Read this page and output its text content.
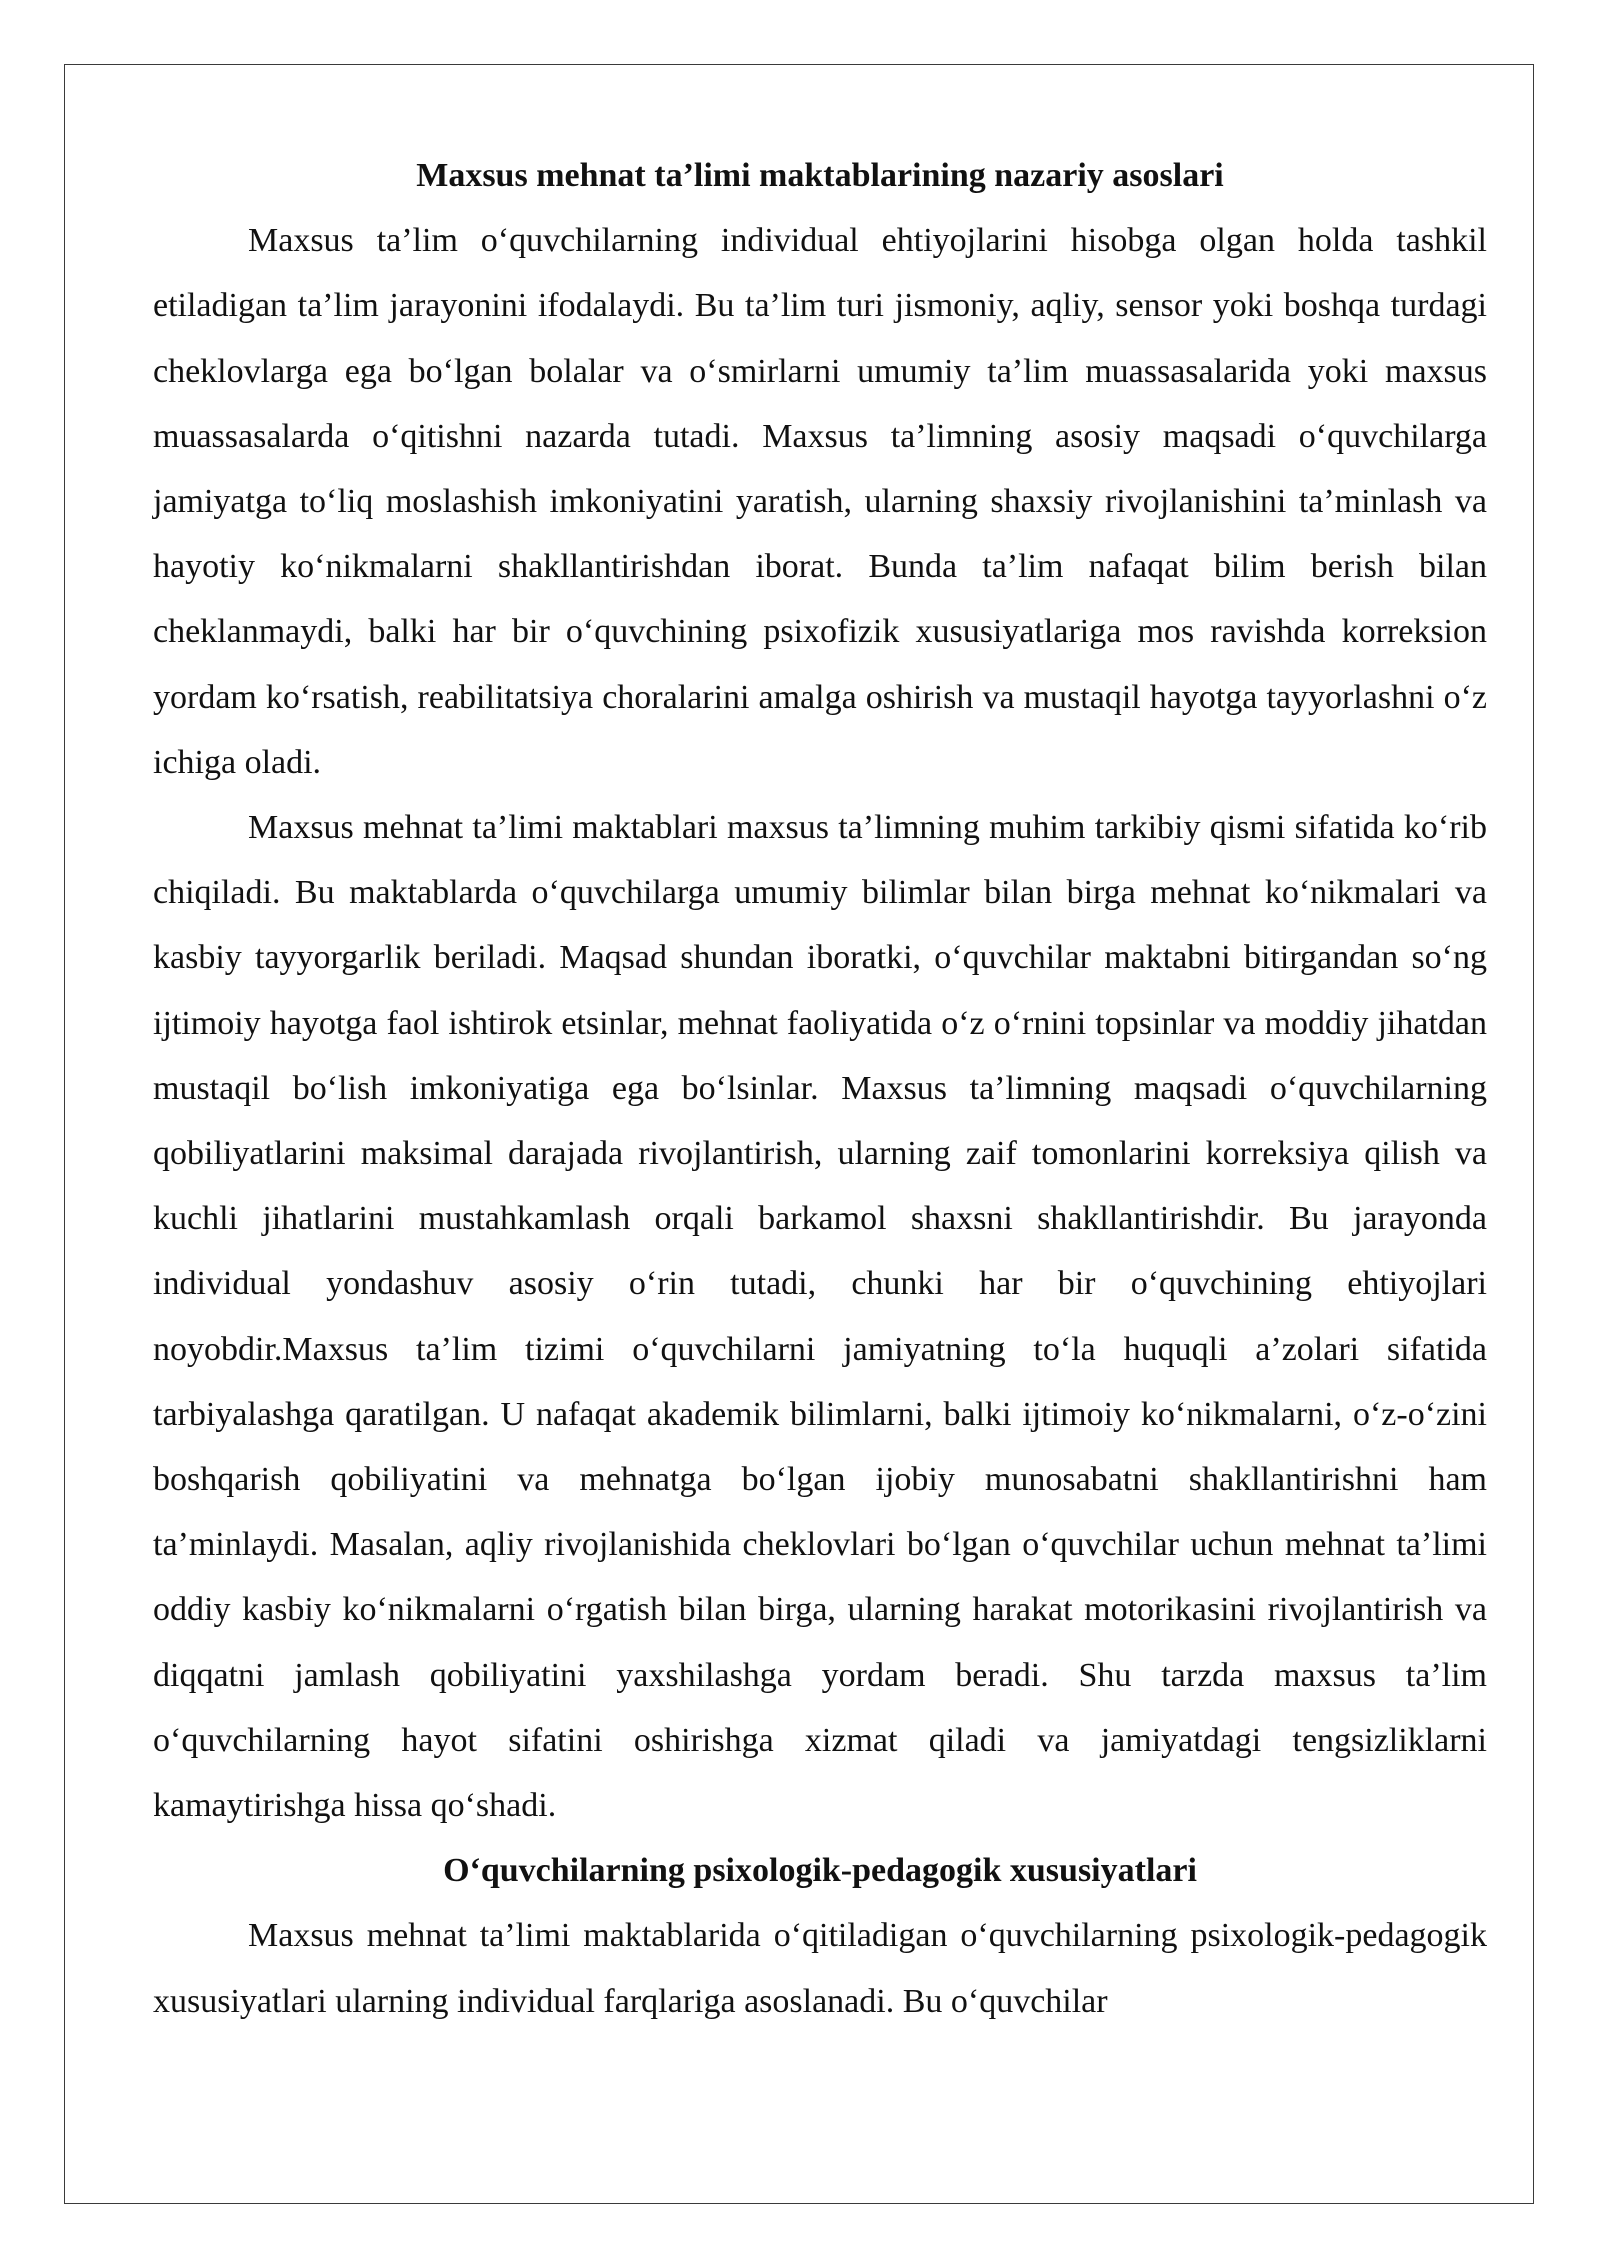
Maxsus mehnat ta’limi maktablarining nazariy asoslari

Maxsus ta’lim o‘quvchilarning individual ehtiyojlarini hisobga olgan holda tashkil etiladigan ta’lim jarayonini ifodalaydi. Bu ta’lim turi jismoniy, aqliy, sensor yoki boshqa turdagi cheklovlarga ega bo‘lgan bolalar va o‘smirlarni umumiy ta’lim muassasalarida yoki maxsus muassasalarda o‘qitishni nazarda tutadi. Maxsus ta’limning asosiy maqsadi o‘quvchilarga jamiyatga to‘liq moslashish imkoniyatini yaratish, ularning shaxsiy rivojlanishini ta’minlash va hayotiy ko‘nikmalarni shakllantirishdan iborat. Bunda ta’lim nafaqat bilim berish bilan cheklanmaydi, balki har bir o‘quvchining psixofizik xususiyatlariga mos ravishda korreksion yordam ko‘rsatish, reabilitatsiya choralarini amalga oshirish va mustaqil hayotga tayyorlashni o‘z ichiga oladi.

Maxsus mehnat ta’limi maktablari maxsus ta’limning muhim tarkibiy qismi sifatida ko‘rib chiqiladi. Bu maktablarda o‘quvchilarga umumiy bilimlar bilan birga mehnat ko‘nikmalari va kasbiy tayyorgarlik beriladi. Maqsad shundan iboratki, o‘quvchilar maktabni bitirgandan so‘ng ijtimoiy hayotga faol ishtirok etsinlar, mehnat faoliyatida o‘z o‘rnini topsinlar va moddiy jihatdan mustaqil bo‘lish imkoniyatiga ega bo‘lsinlar. Maxsus ta’limning maqsadi o‘quvchilarning qobiliyatlarini maksimal darajada rivojlantirish, ularning zaif tomonlarini korreksiya qilish va kuchli jihatlarini mustahkamlash orqali barkamol shaxsni shakllantirishdir. Bu jarayonda individual yondashuv asosiy o‘rin tutadi, chunki har bir o‘quvchining ehtiyojlari noyobdir.Maxsus ta’lim tizimi o‘quvchilarni jamiyatning to‘la huquqli a’zolari sifatida tarbiyalashga qaratilgan. U nafaqat akademik bilimlarni, balki ijtimoiy ko‘nikmalarni, o‘z-o‘zini boshqarish qobiliyatini va mehnatga bo‘lgan ijobiy munosabatni shakllantirishni ham ta’minlaydi. Masalan, aqliy rivojlanishida cheklovlari bo‘lgan o‘quvchilar uchun mehnat ta’limi oddiy kasbiy ko‘nikmalarni o‘rgatish bilan birga, ularning harakat motorikasini rivojlantirish va diqqatni jamlash qobiliyatini yaxshilashga yordam beradi. Shu tarzda maxsus ta’lim o‘quvchilarning hayot sifatini oshirishga xizmat qiladi va jamiyatdagi tengsizliklarni kamaytirishga hissa qo‘shadi.

O‘quvchilarning psixologik-pedagogik xususiyatlari

Maxsus mehnat ta’limi maktablarida o‘qitiladigan o‘quvchilarning psixologik-pedagogik xususiyatlari ularning individual farqlariga asoslanadi. Bu o‘quvchilar
